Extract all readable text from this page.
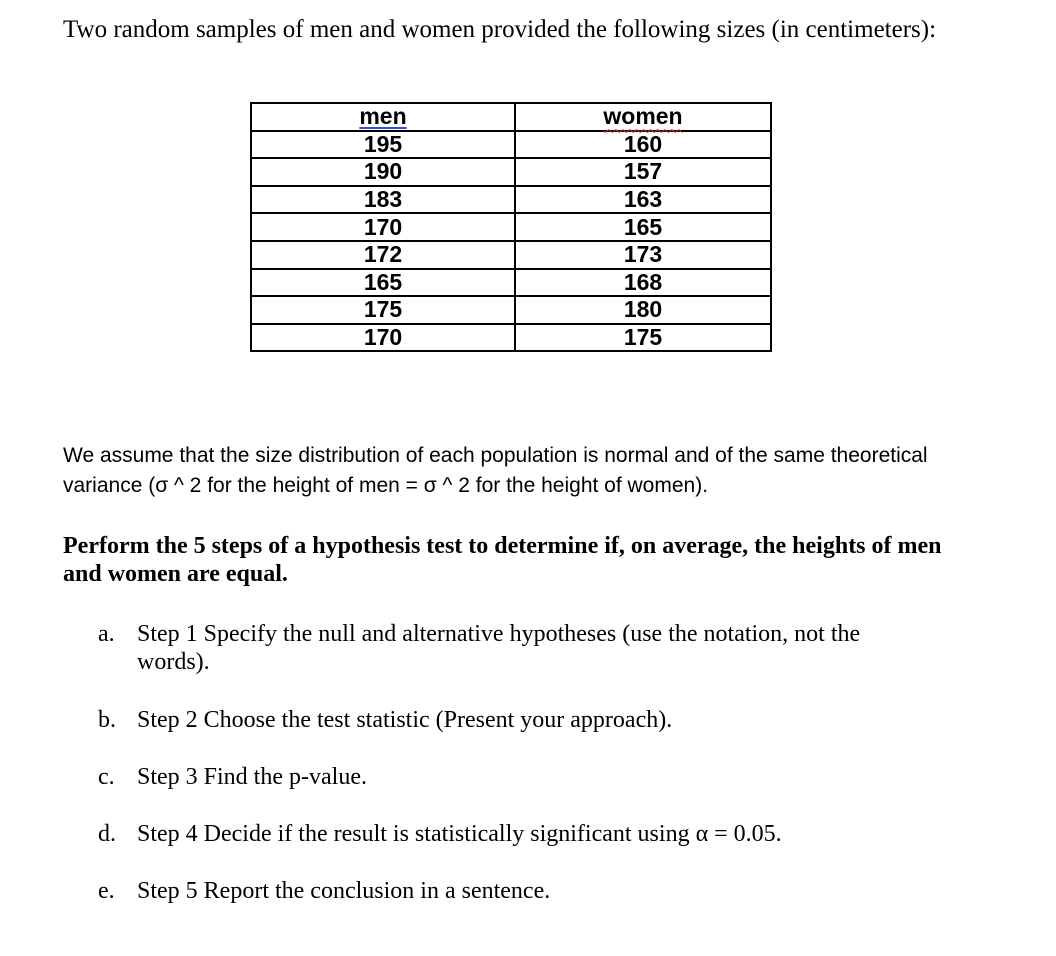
Two random samples of men and women provided the following sizes (in centimeters):
men	women
195	160
190	157
183	163
170	165
172	173
165	168
175	180
170	175
We assume that the size distribution of each population is normal and of the same theoretical variance (σ ^ 2 for the height of men = σ ^ 2 for the height of women).
Perform the 5 steps of a hypothesis test to determine if, on average, the heights of men and women are equal.
a. Step 1 Specify the null and alternative hypotheses (use the notation, not the words).
b. Step 2 Choose the test statistic (Present your approach).
c. Step 3 Find the p-value.
d. Step 4 Decide if the result is statistically significant using α = 0.05.
e. Step 5 Report the conclusion in a sentence.
